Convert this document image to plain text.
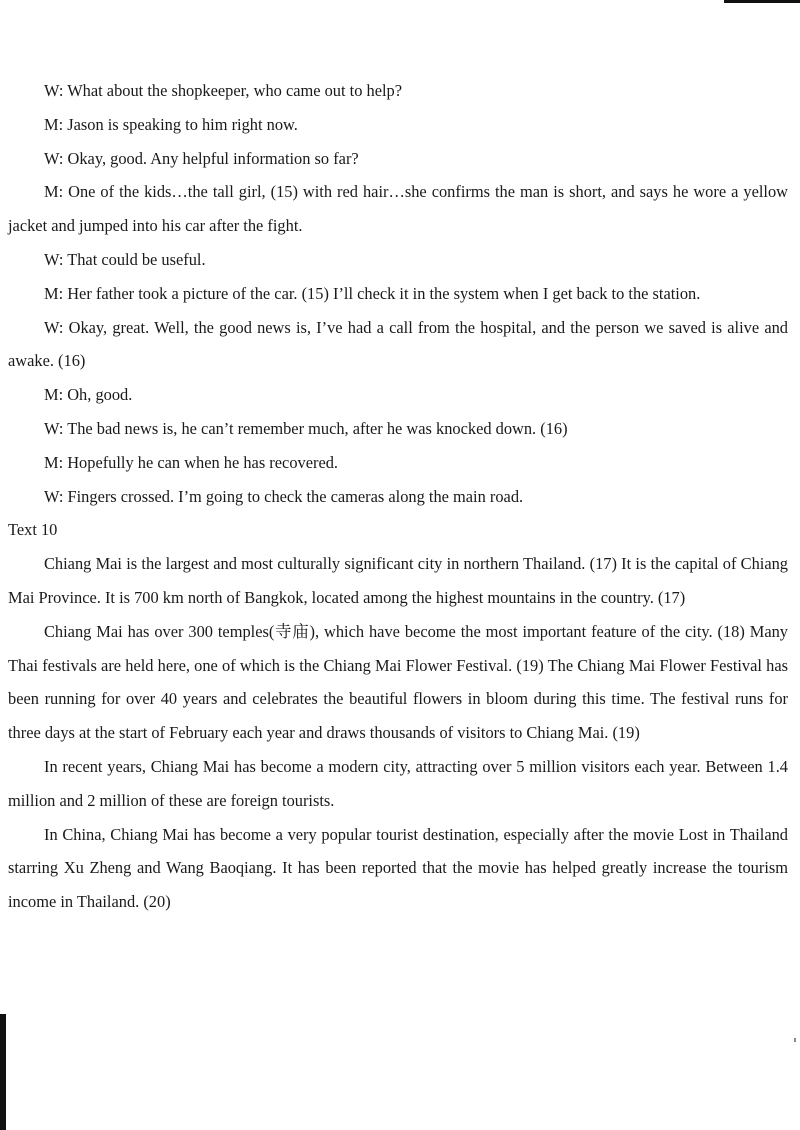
W: What about the shopkeeper, who came out to help?

M: Jason is speaking to him right now.

W: Okay, good. Any helpful information so far?

M: One of the kids…the tall girl, (15) with red hair…she confirms the man is short, and says he wore a yellow jacket and jumped into his car after the fight.

W: That could be useful.

M: Her father took a picture of the car. (15) I’ll check it in the system when I get back to the station.

W: Okay, great. Well, the good news is, I’ve had a call from the hospital, and the person we saved is alive and awake. (16)

M: Oh, good.

W: The bad news is, he can’t remember much, after he was knocked down. (16)

M: Hopefully he can when he has recovered.

W: Fingers crossed. I’m going to check the cameras along the main road.

Text 10

Chiang Mai is the largest and most culturally significant city in northern Thailand. (17) It is the capital of Chiang Mai Province. It is 700 km north of Bangkok, located among the highest mountains in the country. (17)

Chiang Mai has over 300 temples(寺庙), which have become the most important feature of the city. (18) Many Thai festivals are held here, one of which is the Chiang Mai Flower Festival. (19) The Chiang Mai Flower Festival has been running for over 40 years and celebrates the beautiful flowers in bloom during this time. The festival runs for three days at the start of February each year and draws thousands of visitors to Chiang Mai. (19)

In recent years, Chiang Mai has become a modern city, attracting over 5 million visitors each year. Between 1.4 million and 2 million of these are foreign tourists.

In China, Chiang Mai has become a very popular tourist destination, especially after the movie Lost in Thailand starring Xu Zheng and Wang Baoqiang. It has been reported that the movie has helped greatly increase the tourism income in Thailand. (20)
